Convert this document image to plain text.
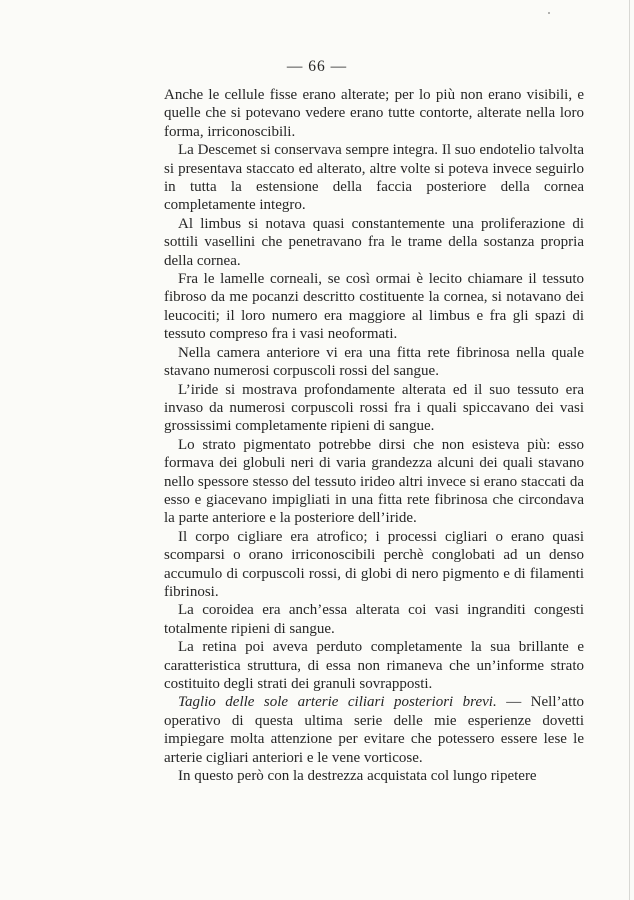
— 66 —

Anche le cellule fisse erano alterate; per lo più non erano visibili, e quelle che si potevano vedere erano tutte contorte, alterate nella loro forma, irriconoscibili.

La Descemet si conservava sempre integra. Il suo endotelio talvolta si presentava staccato ed alterato, altre volte si poteva invece seguirlo in tutta la estensione della faccia posteriore della cornea completamente integro.

Al limbus si notava quasi constantemente una proliferazione di sottili vasellini che penetravano fra le trame della sostanza propria della cornea.

Fra le lamelle corneali, se così ormai è lecito chiamare il tessuto fibroso da me pocanzi descritto costituente la cornea, si notavano dei leucociti; il loro numero era maggiore al limbus e fra gli spazi di tessuto compreso fra i vasi neoformati.

Nella camera anteriore vi era una fitta rete fibrinosa nella quale stavano numerosi corpuscoli rossi del sangue.

L’iride si mostrava profondamente alterata ed il suo tessuto era invaso da numerosi corpuscoli rossi fra i quali spiccavano dei vasi grossissimi completamente ripieni di sangue.

Lo strato pigmentato potrebbe dirsi che non esisteva più: esso formava dei globuli neri di varia grandezza alcuni dei quali stavano nello spessore stesso del tessuto irideo altri invece si erano staccati da esso e giacevano impigliati in una fitta rete fibrinosa che circondava la parte anteriore e la posteriore dell’iride.

Il corpo cigliare era atrofico; i processi cigliari o erano quasi scomparsi o orano irriconoscibili perchè conglobati ad un denso accumulo di corpuscoli rossi, di globi di nero pigmento e di filamenti fibrinosi.

La coroidea era anch’essa alterata coi vasi ingranditi congesti totalmente ripieni di sangue.

La retina poi aveva perduto completamente la sua brillante e caratteristica struttura, di essa non rimaneva che un’informe strato costituito degli strati dei granuli sovrapposti.

Taglio delle sole arterie ciliari posteriori brevi. — Nell’atto operativo di questa ultima serie delle mie esperienze dovetti impiegare molta attenzione per evitare che potessero essere lese le arterie cigliari anteriori e le vene vorticose.

In questo però con la destrezza acquistata col lungo ripetere
